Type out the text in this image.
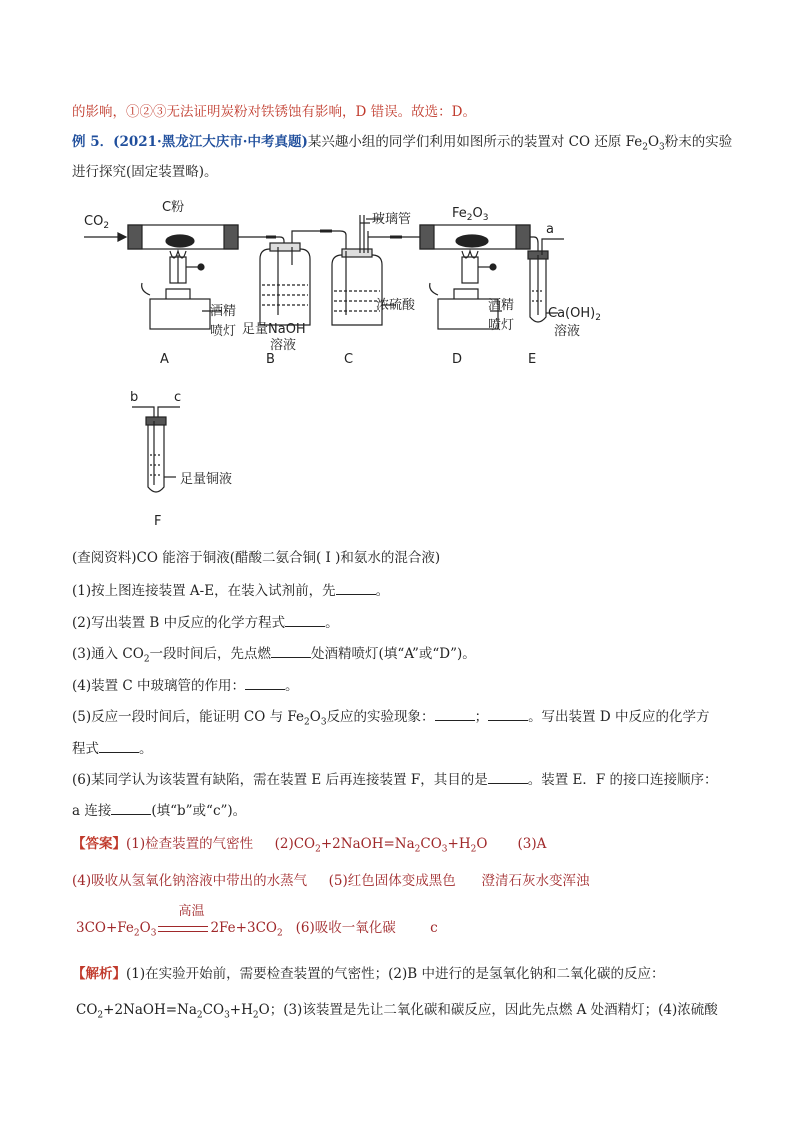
的影响，①②③无法证明炭粉对铁锈蚀有影响，D 错误。故选：D。
例 5．(2021·黑龙江大庆市·中考真题)某兴趣小组的同学们利用如图所示的装置对 CO 还原 $Fe_2O_3$粉末的实验
进行探究(固定装置略)。
$CO_2$
C粉
玻璃管	$Fe_2O_3$
a
酒精
喷灯 足量NaOH
溶液
浓硫酸	酒精
喷灯
$Ca(OH)_2$
溶液
A	B	C	D	E
b	c
足量铜液
F
(查阅资料)CO 能溶于铜液(醋酸二氨合铜( I )和氨水的混合液)
(1)按上图连接装置 A-E，在装入试剂前，先	。
(2)写出装置 B 中反应的化学方程式	。
(3)通入 $CO_2$一段时间后，先点燃	处酒精喷灯(填“A”或“D”)。
(4)装置 C 中玻璃管的作用：	。
(5)反应一段时间后，能证明 CO 与 $Fe_2O_3$反应的实验现象：	；	。写出装置 D 中反应的化学方
程式	。
(6)某同学认为该装置有缺陷，需在装置 E 后再连接装置 F，其目的是	。装置 E．F 的接口连接顺序：
a 连接	(填“b”或“c”)。
【答案】(1)检查装置的气密性 $(2)CO_2+2NaOH=Na_2CO_3+H_2O$ (3)A
(4)吸收从氢氧化钠溶液中带出的水蒸气 (5)红色固体变成黑色 澄清石灰水变浑浊
$3CO+Fe_2O_3$
高温
$2Fe+3CO_2$ (6)吸收一氧化碳	c
【解析】(1)在实验开始前，需要检查装置的气密性；(2)B 中进行的是氢氧化钠和二氧化碳的反应：
$CO_2+2NaOH=Na_2CO_3+H_2O$；(3)该装置是先让二氧化碳和碳反应，因此先点燃 A 处酒精灯；(4)浓硫酸
